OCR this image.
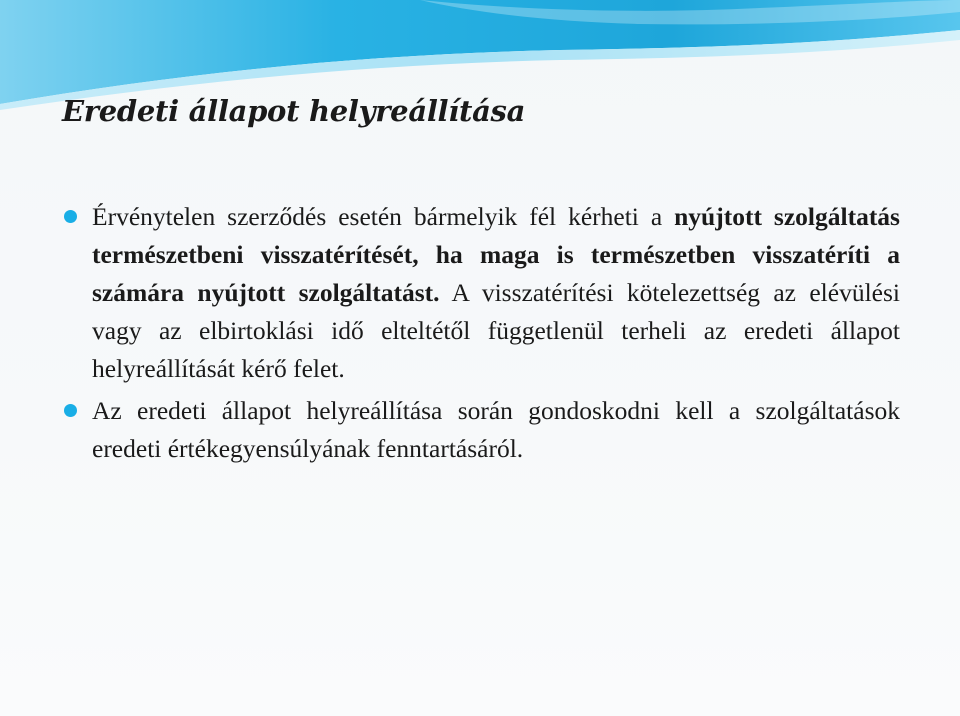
Eredeti állapot helyreállítása
Érvénytelen szerződés esetén bármelyik fél kérheti a nyújtott szolgáltatás természetbeni visszatérítését, ha maga is természetben visszatéríti a számára nyújtott szolgáltatást. A visszatérítési kötelezettség az elévülési vagy az elbirtoklási idő elteltétől függetlenül terheli az eredeti állapot helyreállítását kérő felet.
Az eredeti állapot helyreállítása során gondoskodni kell a szolgáltatások eredeti értékegyensúlyának fenntartásáról.
